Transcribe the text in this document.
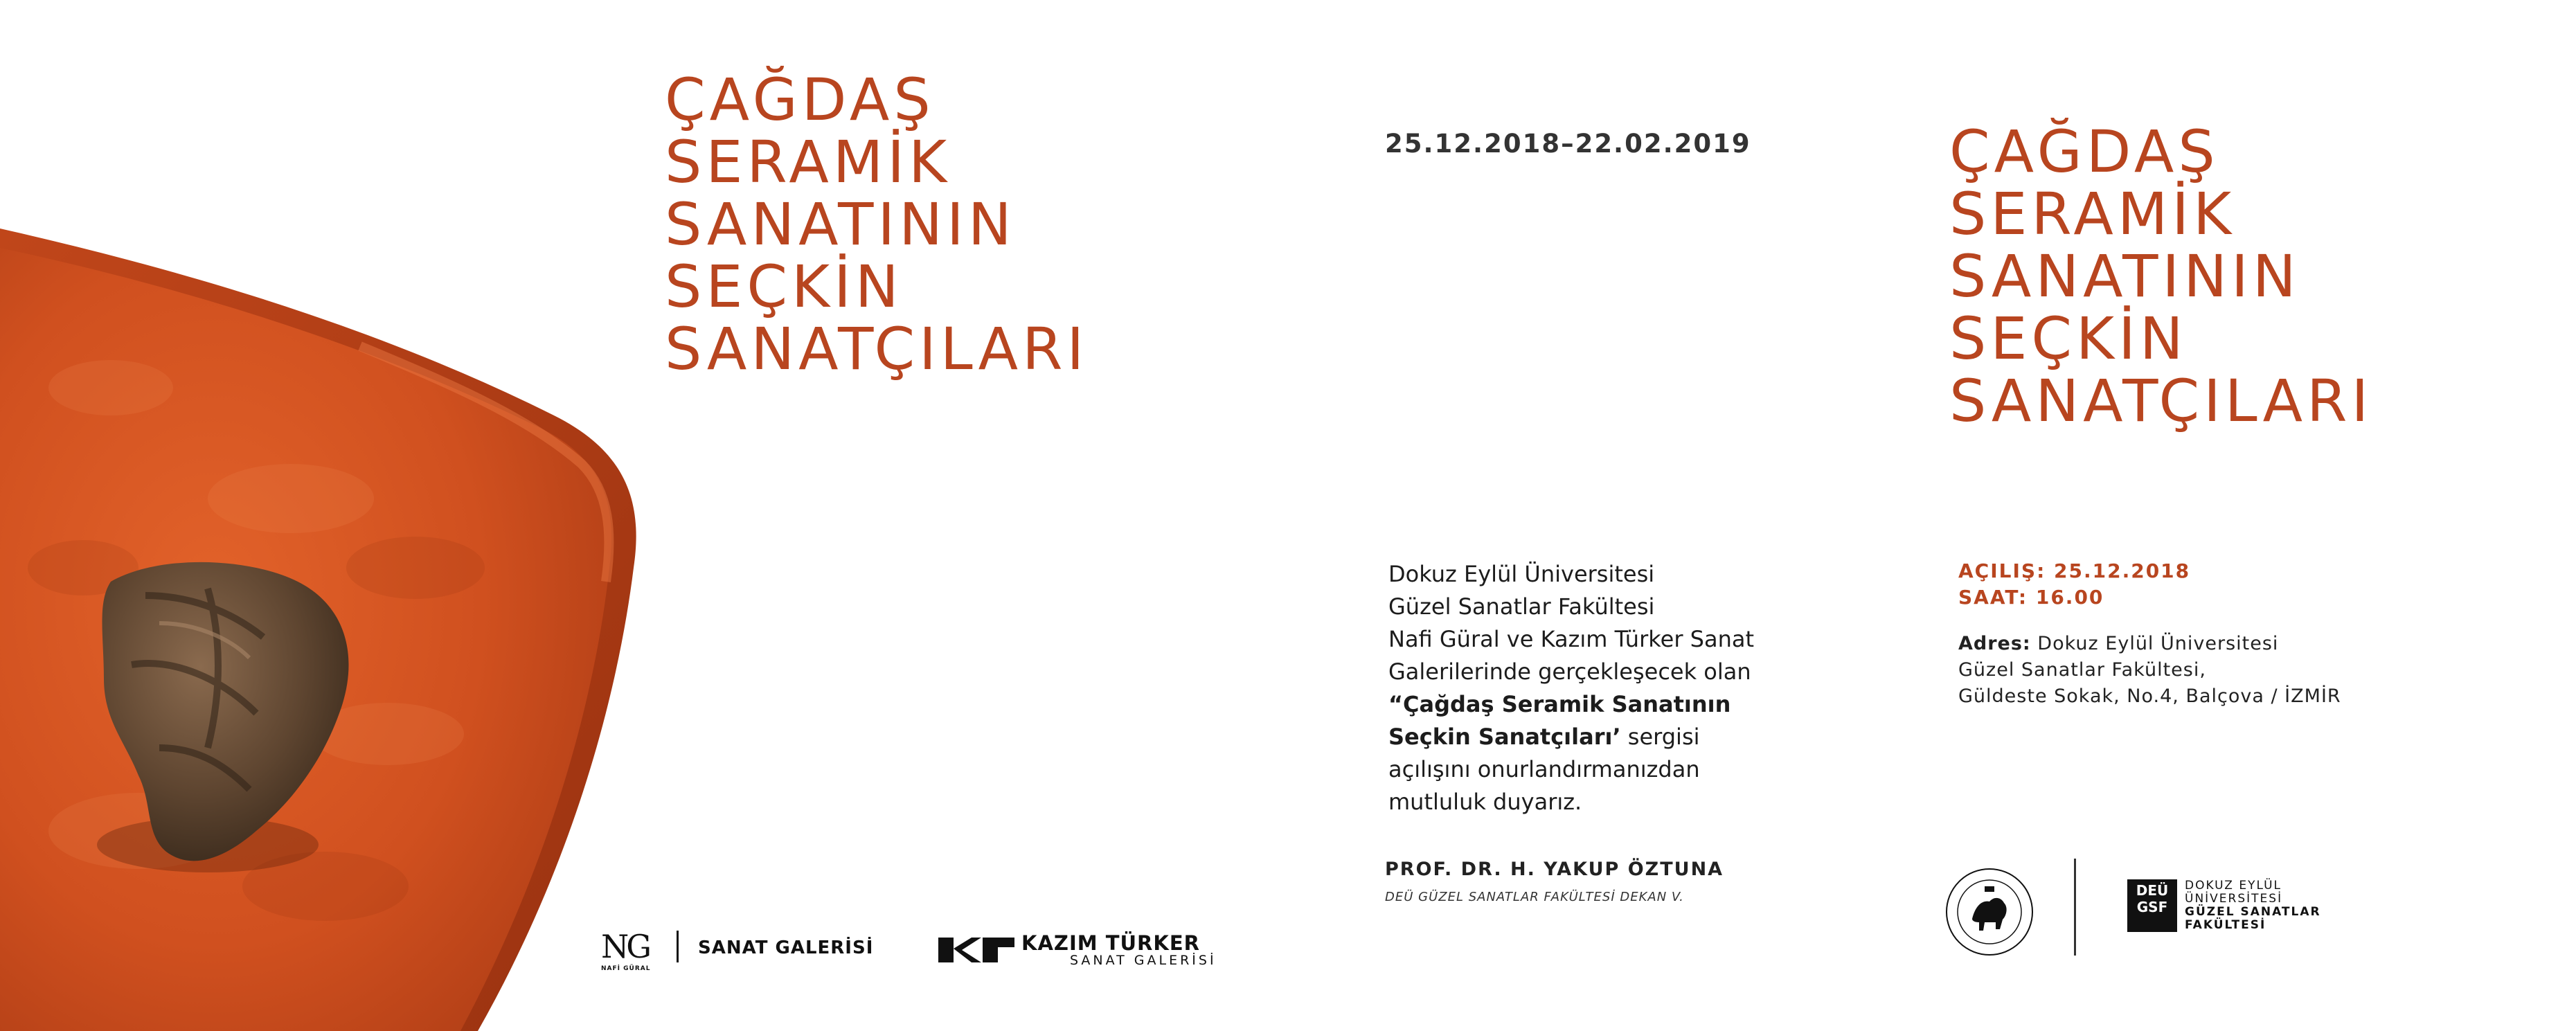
ÇAĞDAŞ
SERAMİK
SANATININ
SEÇKİN
SANATÇILARI
25.12.2018–22.02.2019	ÇAĞDAŞ
SERAMİK
SANATININ
SEÇKİN
SANATÇILARI
Dokuz Eylül Üniversitesi
Güzel Sanatlar Fakültesi
Nafi Güral ve Kazım Türker Sanat
Galerilerinde gerçekleşecek olan
“Çağdaş Seramik Sanatının
Seçkin Sanatçıları’ sergisi
açılışını onurlandırmanızdan
mutluluk duyarız.
PROF. DR. H. YAKUP ÖZTUNA
DEÜ GÜZEL SANATLAR FAKÜLTESİ DEKAN V.
AÇILIŞ: 25.12.2018
SAAT: 16.00
Adres: Dokuz Eylül Üniversitesi
Güzel Sanatlar Fakültesi,
Güldeste Sokak, No.4, Balçova / İZMİR
NG
NAFİ GÜRAL
SANAT GALERİSİ	KAZIM TÜRKER
SANAT GALERİSİ
DEÜ
GSF
DOKUZ EYLÜL
ÜNİVERSİTESİ
GÜZEL SANATLAR
FAKÜLTESİ
